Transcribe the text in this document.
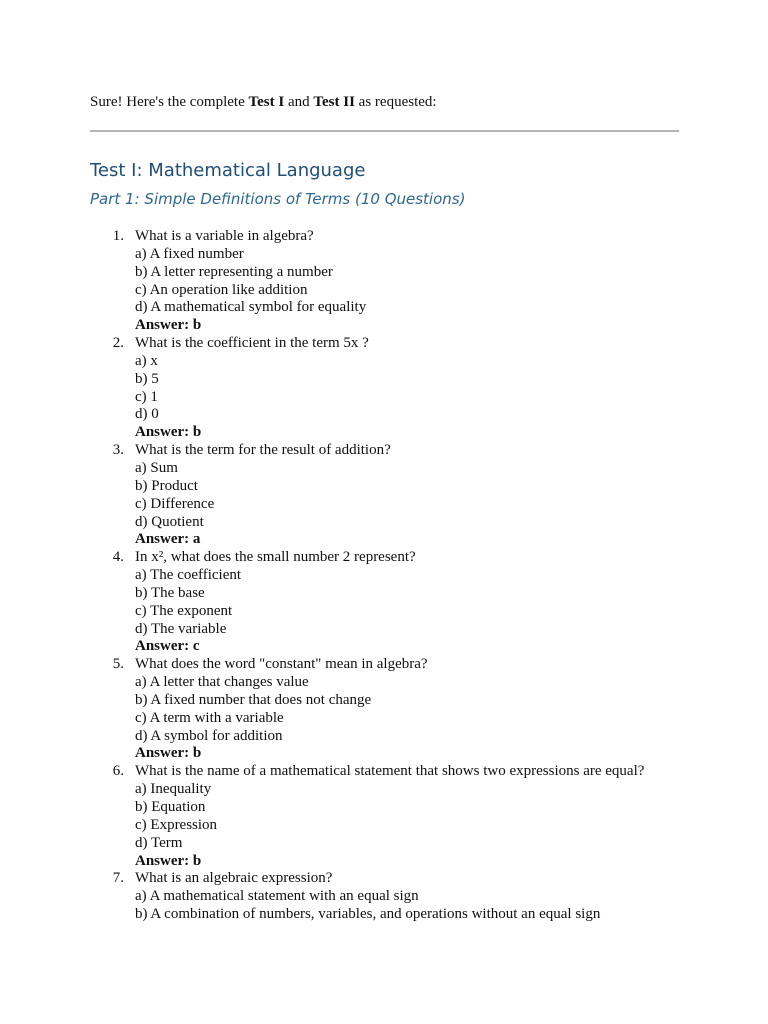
Sure! Here's the complete Test I and Test II as requested:
Test I: Mathematical Language
Part 1: Simple Definitions of Terms (10 Questions)
1. What is a variable in algebra?
a) A fixed number
b) A letter representing a number
c) An operation like addition
d) A mathematical symbol for equality
Answer: b
2. What is the coefficient in the term 5x ?
a) x
b) 5
c) 1
d) 0
Answer: b
3. What is the term for the result of addition?
a) Sum
b) Product
c) Difference
d) Quotient
Answer: a
4. In x², what does the small number 2 represent?
a) The coefficient
b) The base
c) The exponent
d) The variable
Answer: c
5. What does the word "constant" mean in algebra?
a) A letter that changes value
b) A fixed number that does not change
c) A term with a variable
d) A symbol for addition
Answer: b
6. What is the name of a mathematical statement that shows two expressions are equal?
a) Inequality
b) Equation
c) Expression
d) Term
Answer: b
7. What is an algebraic expression?
a) A mathematical statement with an equal sign
b) A combination of numbers, variables, and operations without an equal sign
